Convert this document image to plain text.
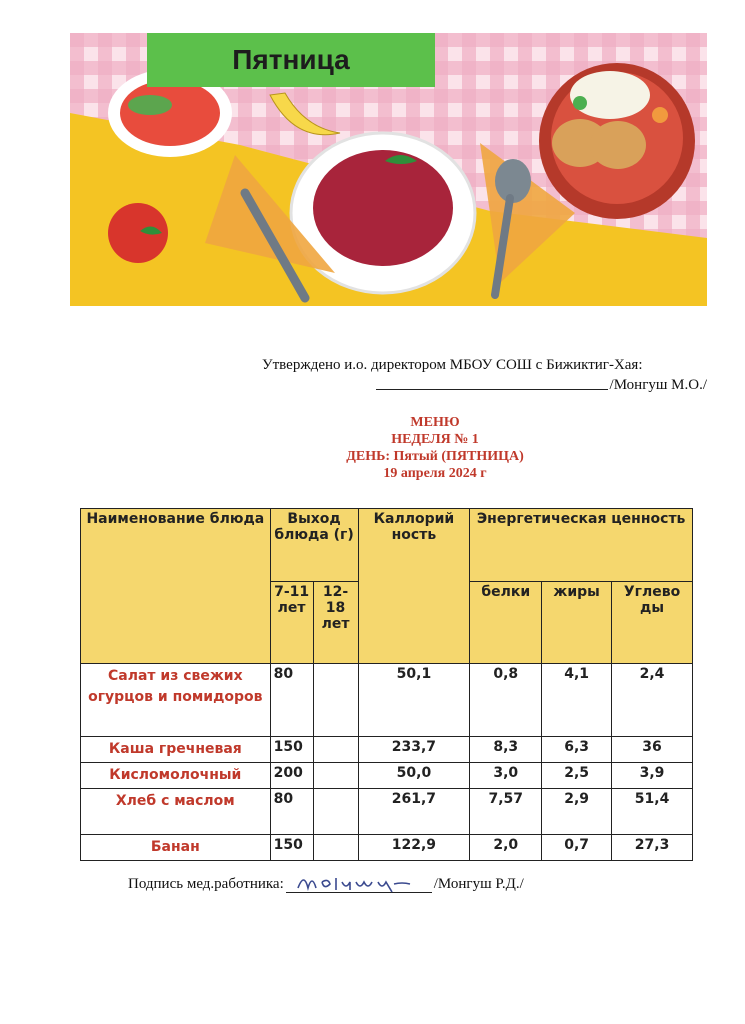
Пятница
Утверждено и.о. директором МБОУ СОШ с Бижиктиг-Хая:
/Монгуш М.О./
МЕНЮ
НЕДЕЛЯ № 1
ДЕНЬ: Пятый (ПЯТНИЦА)
19 апреля 2024 г
Наименование блюда	Выход блюда (г)		Каллорий ность	Энергетическая ценность		
	7-11 лет	12-18 лет		белки	жиры	Углево ды
Салат из свежих огурцов и помидоров	80		50,1	0,8	4,1	2,4
Каша гречневая	150		233,7	8,3	6,3	36
Кисломолочный	200		50,0	3,0	2,5	3,9
Хлеб с маслом	80		261,7	7,57	2,9	51,4
Банан	150		122,9	2,0	0,7	27,3
Подпись мед.работника:	/Монгуш Р.Д./
